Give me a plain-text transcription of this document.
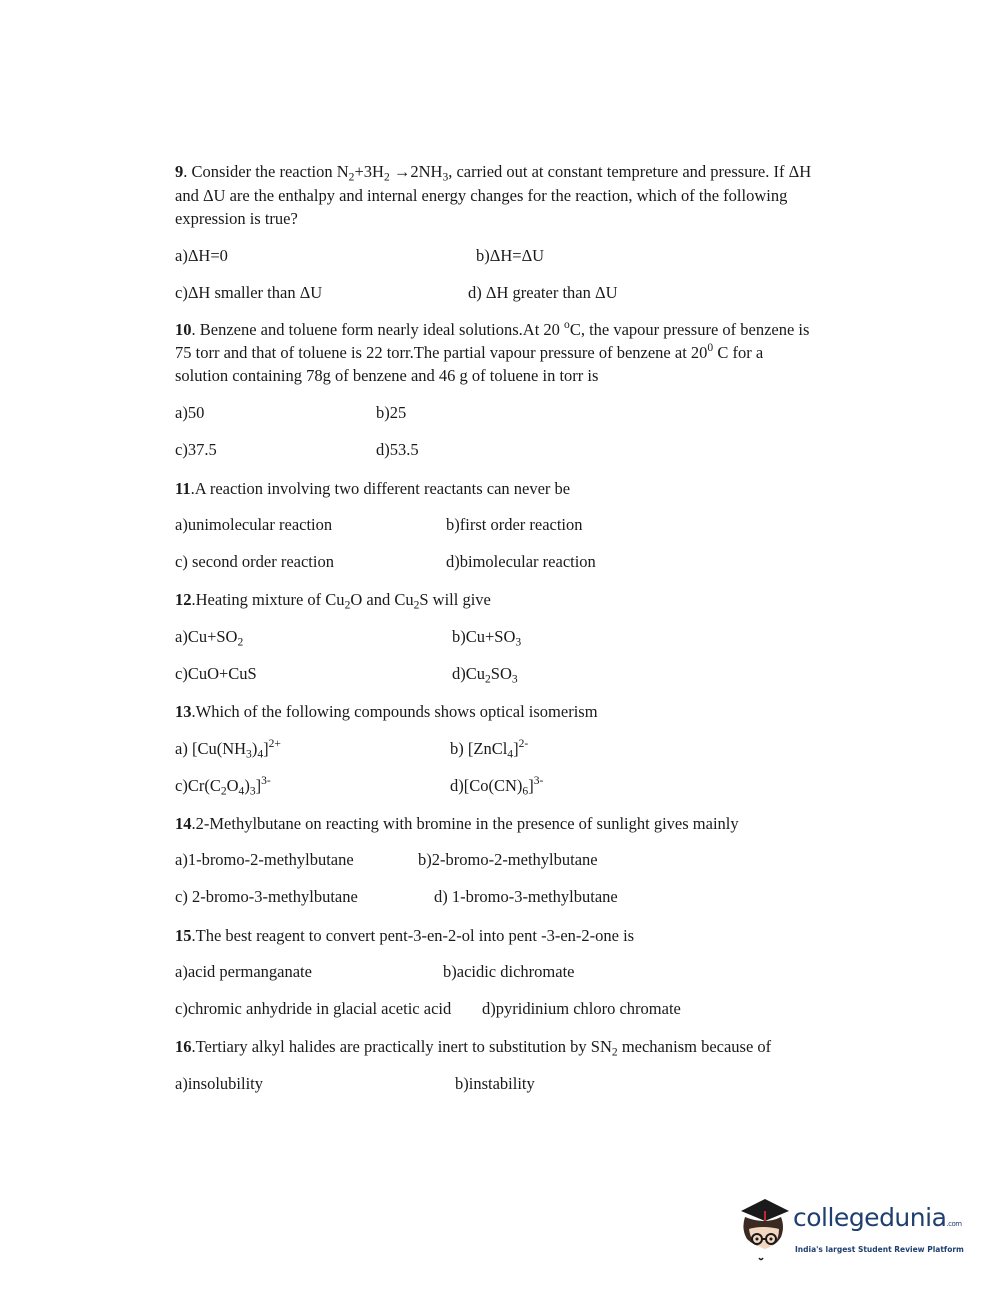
9. Consider the reaction $N_2+3H_2 \to 2NH_3$, carried out at constant tempreture and pressure. If ΔH
and ΔU are the enthalpy and internal energy changes for the reaction, which of the following
expression is true?
a)ΔH=0	b)ΔH=ΔU
c)ΔH smaller than ΔU	d) ΔH greater than ΔU
10. Benzene and toluene form nearly ideal solutions.At 20 $^o$C, the vapour pressure of benzene is
75 torr and that of toluene is 22 torr.The partial vapour pressure of benzene at $20^0$ C for a
solution containing 78g of benzene and 46 g of toluene in torr is
a)50	b)25
c)37.5	d)53.5
11.A reaction involving two different reactants can never be
a)unimolecular reaction	b)first order reaction
c) second order reaction	d)bimolecular reaction
12.Heating mixture of $Cu_2O$ and $Cu_2S$ will give
$a)Cu+SO_2$	$b)Cu+SO_3$
c)CuO+CuS	$d)Cu_2SO_3$
13.Which of the following compounds shows optical isomerism
a) $[Cu(NH_3)_4]^{2+}$	b) [ZnCl$_4$]$^{2-}$
$c)Cr(C_2O_4)_3]^{3-}$	$d)[Co(CN)_6]^{3-}$
14.2-Methylbutane on reacting with bromine in the presence of sunlight gives mainly
a)1-bromo-2-methylbutane	b)2-bromo-2-methylbutane
c) 2-bromo-3-methylbutane	d) 1-bromo-3-methylbutane
15.The best reagent to convert pent-3-en-2-ol into pent -3-en-2-one is
a)acid permanganate	b)acidic dichromate
c)chromic anhydride in glacial acetic acid d)pyridinium chloro chromate
16.Tertiary alkyl halides are practically inert to substitution by $SN_2$ mechanism because of
a)insolubility	b)instability
collegedunia.com
India's largest Student Review Platform
